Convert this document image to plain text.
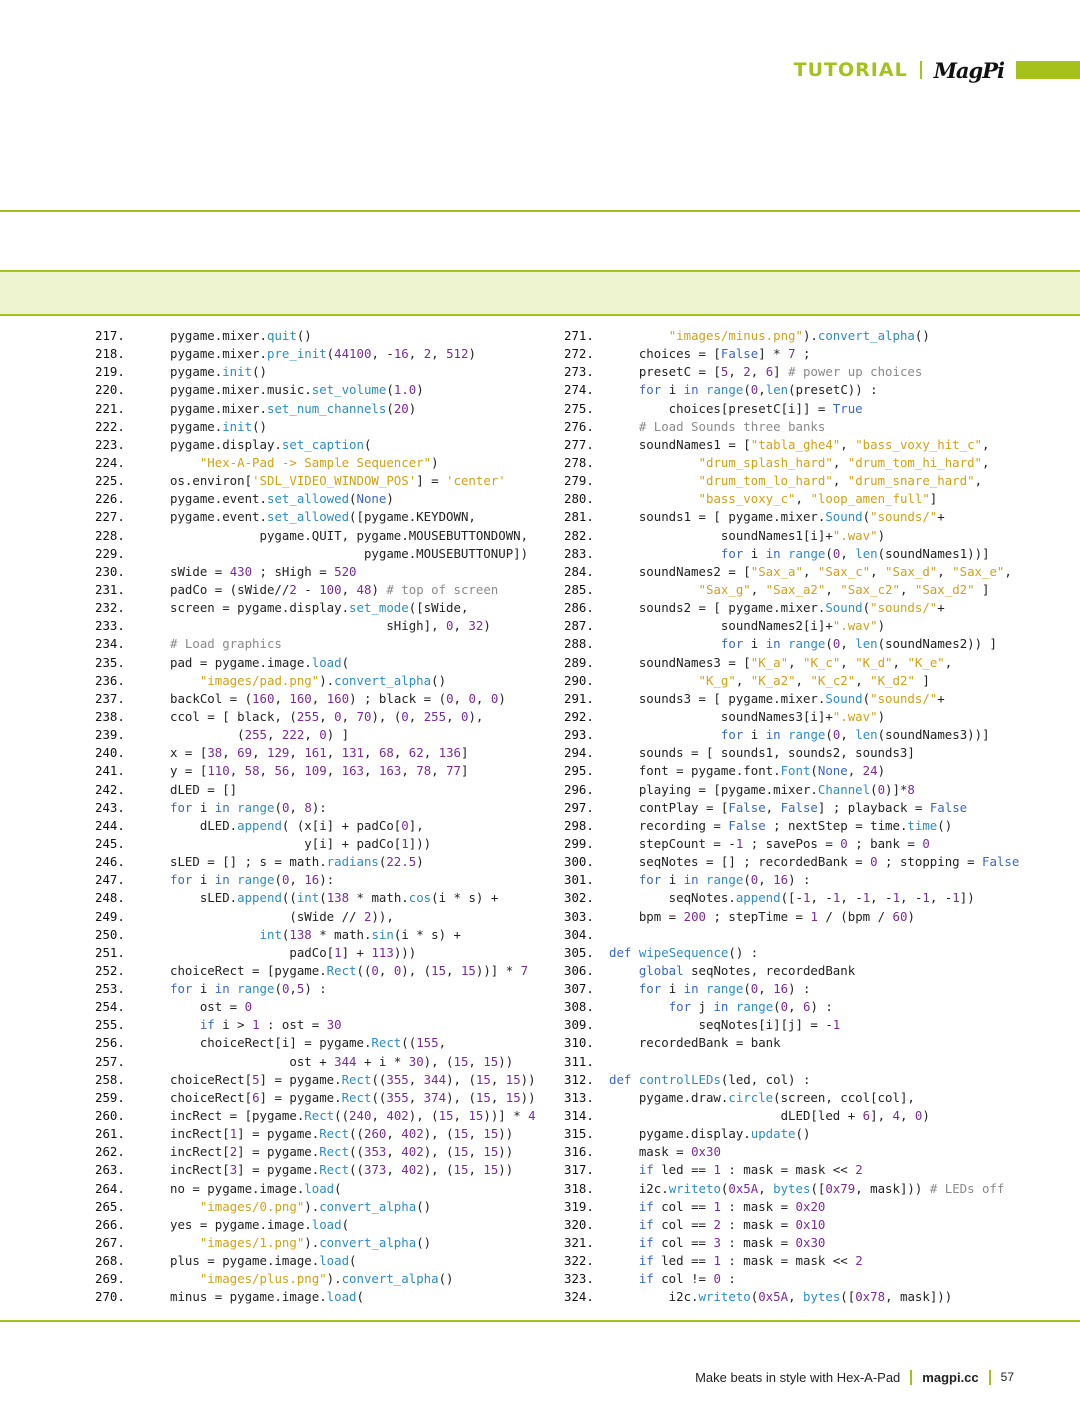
TUTORIAL MagPi
217.	pygame.mixer.quit()
218.	pygame.mixer.pre_init(44100, -16, 2, 512)
219.	pygame.init()
220.	pygame.mixer.music.set_volume(1.0)
221.	pygame.mixer.set_num_channels(20)
222.	pygame.init()
223.	pygame.display.set_caption(
224.	"Hex-A-Pad -> Sample Sequencer")
225.	os.environ['SDL_VIDEO_WINDOW_POS'] = 'center'
226.	pygame.event.set_allowed(None)
227.	pygame.event.set_allowed([pygame.KEYDOWN,
228.	pygame.QUIT, pygame.MOUSEBUTTONDOWN,
229.	pygame.MOUSEBUTTONUP])
230.	sWide = 430 ; sHigh = 520
231.	padCo = (sWide//2 - 100, 48) # top of screen
232.	screen = pygame.display.set_mode([sWide,
233.	sHigh], 0, 32)
234.	# Load graphics
235.	pad = pygame.image.load(
236.	"images/pad.png").convert_alpha()
237.	backCol = (160, 160, 160) ; black = (0, 0, 0)
238.	ccol = [ black, (255, 0, 70), (0, 255, 0),
239.	(255, 222, 0) ]
240.	x = [38, 69, 129, 161, 131, 68, 62, 136]
241.	y = [110, 58, 56, 109, 163, 163, 78, 77]
242.	dLED = []
243.	for i in range(0, 8):
244.	dLED.append( (x[i] + padCo[0],
245.	y[i] + padCo[1]))
246.	sLED = [] ; s = math.radians(22.5)
247.	for i in range(0, 16):
248.	sLED.append((int(138 * math.cos(i * s) +
249.	(sWide // 2)),
250.	int(138 * math.sin(i * s) +
251.	padCo[1] + 113)))
252.	choiceRect = [pygame.Rect((0, 0), (15, 15))] * 7
253.	for i in range(0,5) :
254.	ost = 0
255.	if i > 1 : ost = 30
256.	choiceRect[i] = pygame.Rect((155,
257.	ost + 344 + i * 30), (15, 15))
258.	choiceRect[5] = pygame.Rect((355, 344), (15, 15))
259.	choiceRect[6] = pygame.Rect((355, 374), (15, 15))
260.	incRect = [pygame.Rect((240, 402), (15, 15))] * 4
261.	incRect[1] = pygame.Rect((260, 402), (15, 15))
262.	incRect[2] = pygame.Rect((353, 402), (15, 15))
263.	incRect[3] = pygame.Rect((373, 402), (15, 15))
264.	no = pygame.image.load(
265.	"images/0.png").convert_alpha()
266.	yes = pygame.image.load(
267.	"images/1.png").convert_alpha()
268.	plus = pygame.image.load(
269.	"images/plus.png").convert_alpha()
270.	minus = pygame.image.load(
271.	"images/minus.png").convert_alpha()
272.    choices = [False] * 7 ;
273.    presetC = [5, 2, 6] # power up choices
274.	for i in range(0,len(presetC)) :
275.        choices[presetC[i]] = True
276.	# Load Sounds three banks
277.    soundNames1 = ["tabla_ghe4", "bass_voxy_hit_c",
278.	"drum_splash_hard", "drum_tom_hi_hard",
279.	"drum_tom_lo_hard", "drum_snare_hard",
280.	"bass_voxy_c", "loop_amen_full"]
281.    sounds1 = [ pygame.mixer.Sound("sounds/"+
282.               soundNames1[i]+".wav")
283.	for i in range(0, len(soundNames1))]
284.    soundNames2 = ["Sax_a", "Sax_c", "Sax_d", "Sax_e",
285.	"Sax_g", "Sax_a2", "Sax_c2", "Sax_d2" ]
286.    sounds2 = [ pygame.mixer.Sound("sounds/"+
287.               soundNames2[i]+".wav")
288.	for i in range(0, len(soundNames2)) ]
289.    soundNames3 = ["K_a", "K_c", "K_d", "K_e",
290.	"K_g", "K_a2", "K_c2", "K_d2" ]
291.    sounds3 = [ pygame.mixer.Sound("sounds/"+
292.               soundNames3[i]+".wav")
293.	for i in range(0, len(soundNames3))]
294.    sounds = [ sounds1, sounds2, sounds3]
295.    font = pygame.font.Font(None, 24)
296.    playing = [pygame.mixer.Channel(0)]*8
297.    contPlay = [False, False] ; playback = False
298.    recording = False ; nextStep = time.time()
299.    stepCount = -1 ; savePos = 0 ; bank = 0
300.    seqNotes = [] ; recordedBank = 0 ; stopping = False
301.	for i in range(0, 16) :
302.        seqNotes.append([-1, -1, -1, -1, -1, -1])
303.    bpm = 200 ; stepTime = 1 / (bpm / 60)
304.
305. def wipeSequence() :
306.	global seqNotes, recordedBank
307.	for i in range(0, 16) :
308.	for j in range(0, 6) :
309.            seqNotes[i][j] = -1
310.    recordedBank = bank
311.
312. def controlLEDs(led, col) :
313.    pygame.draw.circle(screen, ccol[col],
314.                       dLED[led + 6], 4, 0)
315.    pygame.display.update()
316.    mask = 0x30
317.	if led == 1 : mask = mask << 2
318.    i2c.writeto(0x5A, bytes([0x79, mask])) # LEDs off
319.	if col == 1 : mask = 0x20
320.	if col == 2 : mask = 0x10
321.	if col == 3 : mask = 0x30
322.	if led == 1 : mask = mask << 2
323.	if col != 0 :
324.        i2c.writeto(0x5A, bytes([0x78, mask]))
Make beats in style with Hex-A-Pad magpi.cc 57
